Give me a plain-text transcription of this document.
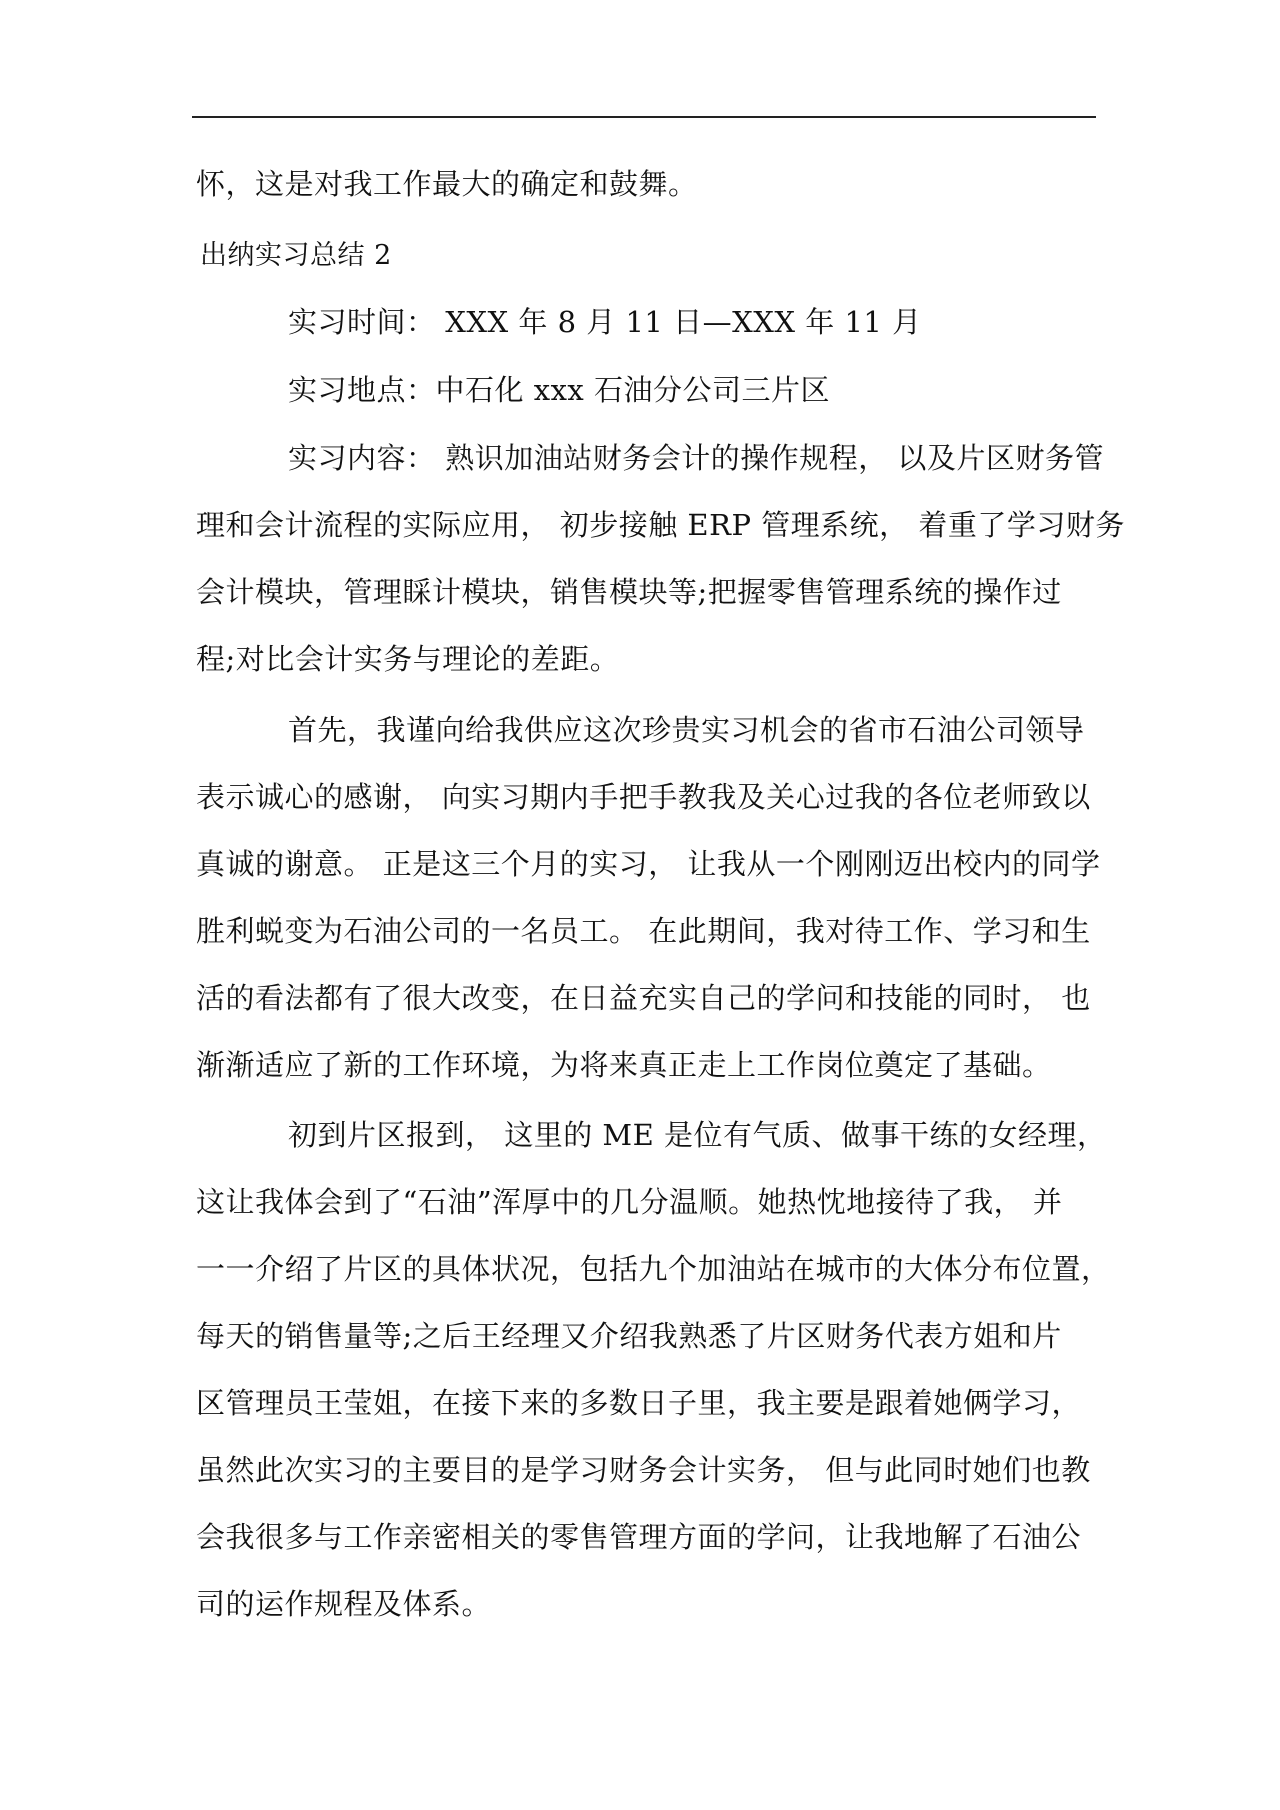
怀，这是对我工作最大的确定和鼓舞。
出纳实习总结 2
实习时间： XXX 年 8 月 11 日—XXX 年 11 月
实习地点：中石化 xxx 石油分公司三片区
实习内容： 熟识加油站财务会计的操作规程， 以及片区财务管
理和会计流程的实际应用， 初步接触 ERP 管理系统， 着重了学习财务
会计模块，管理睬计模块，销售模块等;把握零售管理系统的操作过
程;对比会计实务与理论的差距。
首先，我谨向给我供应这次珍贵实习机会的省市石油公司领导
表示诚心的感谢， 向实习期内手把手教我及关心过我的各位老师致以
真诚的谢意。 正是这三个月的实习， 让我从一个刚刚迈出校内的同学
胜利蜕变为石油公司的一名员工。 在此期间，我对待工作、学习和生
活的看法都有了很大改变，在日益充实自己的学问和技能的同时， 也
渐渐适应了新的工作环境，为将来真正走上工作岗位奠定了基础。
初到片区报到， 这里的 ME 是位有气质、做事干练的女经理，
这让我体会到了“石油”浑厚中的几分温顺。她热忱地接待了我， 并
一一介绍了片区的具体状况，包括九个加油站在城市的大体分布位置，
每天的销售量等;之后王经理又介绍我熟悉了片区财务代表方姐和片
区管理员王莹姐，在接下来的多数日子里，我主要是跟着她俩学习，
虽然此次实习的主要目的是学习财务会计实务， 但与此同时她们也教
会我很多与工作亲密相关的零售管理方面的学问，让我地解了石油公
司的运作规程及体系。
